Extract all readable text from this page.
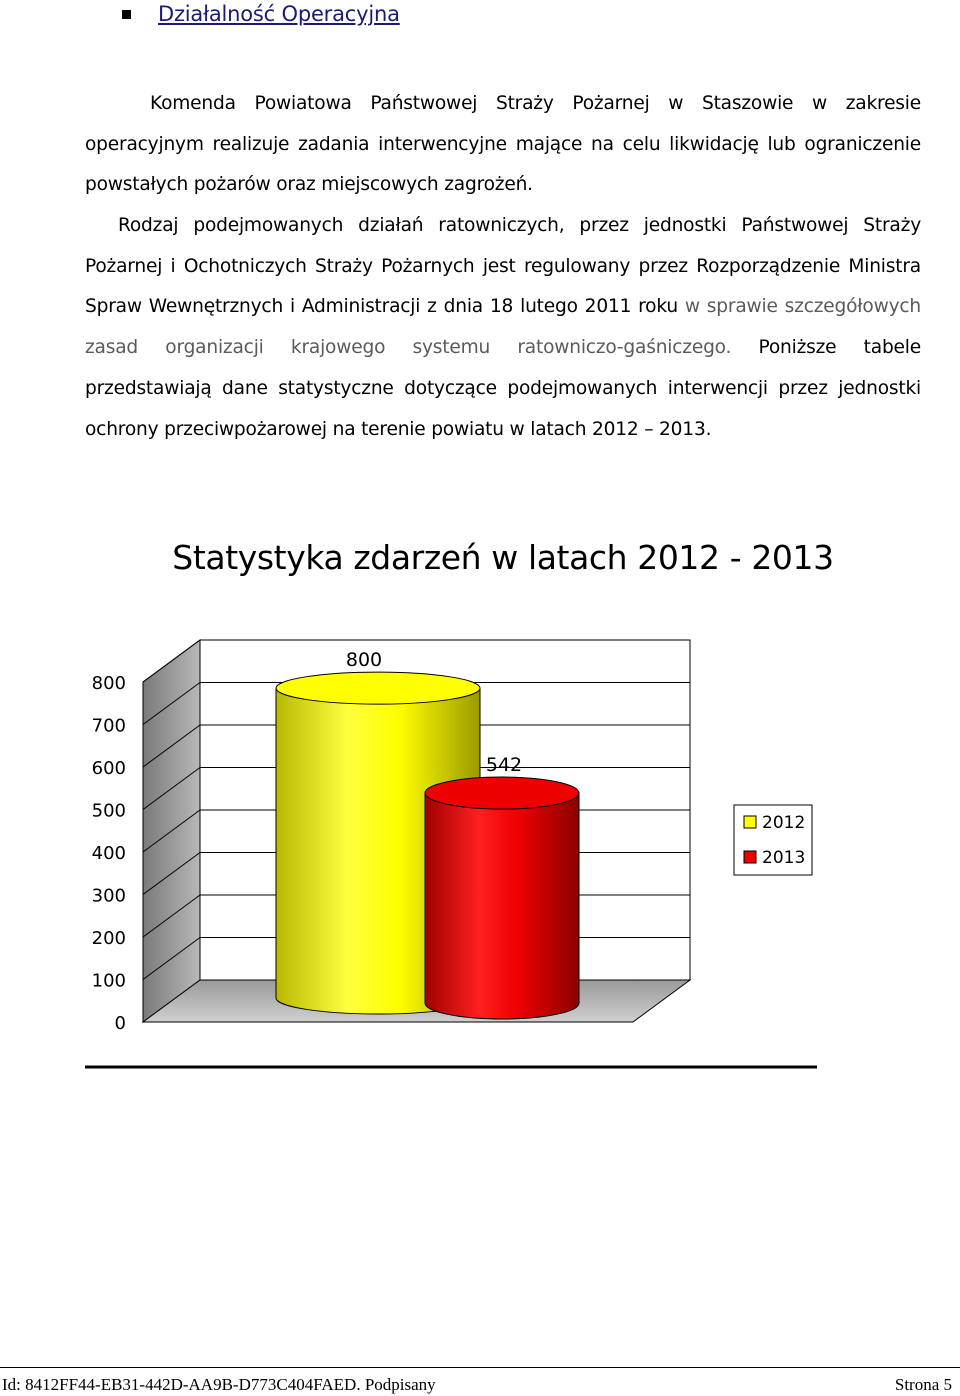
Działalność Operacyjna

Komenda Powiatowa Państwowej Straży Pożarnej w Staszowie w zakresie operacyjnym realizuje zadania interwencyjne mające na celu likwidację lub ograniczenie powstałych pożarów oraz miejscowych zagrożeń.

Rodzaj podejmowanych działań ratowniczych, przez jednostki Państwowej Straży Pożarnej i Ochotniczych Straży Pożarnych jest regulowany przez Rozporządzenie Ministra Spraw Wewnętrznych i Administracji z dnia 18 lutego 2011 roku w sprawie szczegółowych zasad organizacji krajowego systemu ratowniczo-gaśniczego. Poniższe tabele przedstawiają dane statystyczne dotyczące podejmowanych interwencji przez jednostki ochrony przeciwpożarowej na terenie powiatu w latach 2012 – 2013.

Statystyka zdarzeń w latach 2012 - 2013
0
100
200
300
400
500
600
700
800
800
542
2012
2013
Id: 8412FF44-EB31-442D-AA9B-D773C404FAED. Podpisany	Strona 5
